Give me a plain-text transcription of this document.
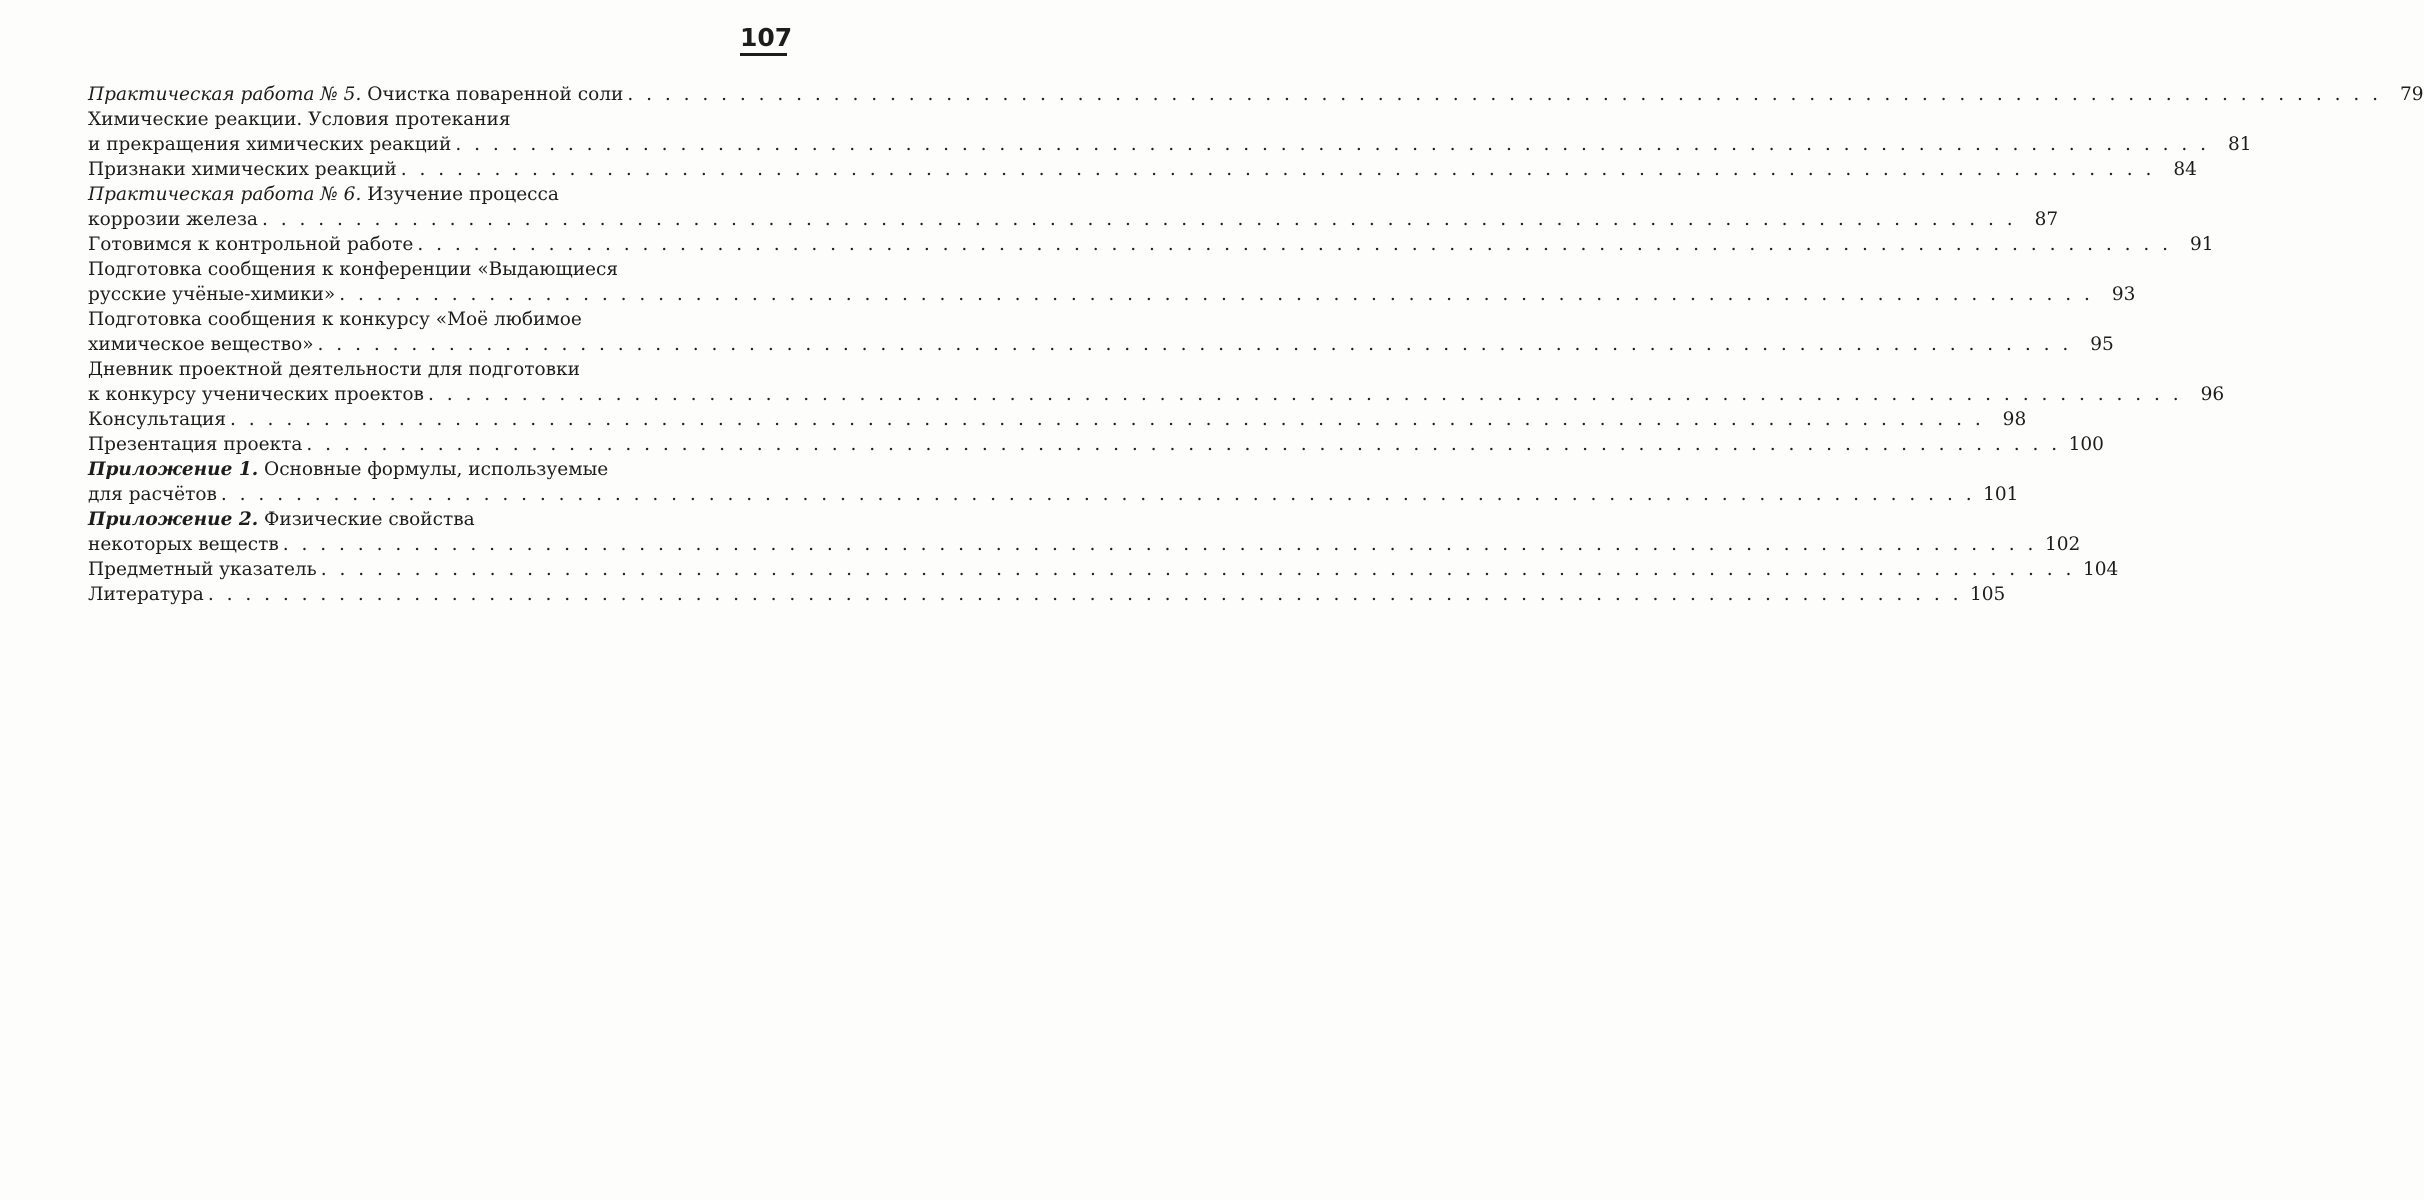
107
Практическая работа № 5. Очистка поваренной соли . . . . . . . . . . . . . . . . . . . . . . . . . . . . . . . . . . . . . . . . . . . . . . . . . . . . . . . . . . . . . . . . . . . . . . . . . . . . . . . . . . . . . . . . . . . . . . 79
Химические реакции. Условия протекания
и прекращения химических реакций . . . . . . . . . . . . . . . . . . . . . . . . . . . . . . . . . . . . . . . . . . . . . . . . . . . . . . . . . . . . . . . . . . . . . . . . . . . . . . . . . . . . . . . . . . . . . . 81
Признаки химических реакций . . . . . . . . . . . . . . . . . . . . . . . . . . . . . . . . . . . . . . . . . . . . . . . . . . . . . . . . . . . . . . . . . . . . . . . . . . . . . . . . . . . . . . . . . . . . . . 84
Практическая работа № 6. Изучение процесса
коррозии железа . . . . . . . . . . . . . . . . . . . . . . . . . . . . . . . . . . . . . . . . . . . . . . . . . . . . . . . . . . . . . . . . . . . . . . . . . . . . . . . . . . . . . . . . . . . . . . 87
Готовимся к контрольной работе . . . . . . . . . . . . . . . . . . . . . . . . . . . . . . . . . . . . . . . . . . . . . . . . . . . . . . . . . . . . . . . . . . . . . . . . . . . . . . . . . . . . . . . . . . . . . . 91
Подготовка сообщения к конференции «Выдающиеся
русские учёные-химики» . . . . . . . . . . . . . . . . . . . . . . . . . . . . . . . . . . . . . . . . . . . . . . . . . . . . . . . . . . . . . . . . . . . . . . . . . . . . . . . . . . . . . . . . . . . . . . 93
Подготовка сообщения к конкурсу «Моё любимое
химическое вещество» . . . . . . . . . . . . . . . . . . . . . . . . . . . . . . . . . . . . . . . . . . . . . . . . . . . . . . . . . . . . . . . . . . . . . . . . . . . . . . . . . . . . . . . . . . . . . . 95
Дневник проектной деятельности для подготовки
к конкурсу ученических проектов . . . . . . . . . . . . . . . . . . . . . . . . . . . . . . . . . . . . . . . . . . . . . . . . . . . . . . . . . . . . . . . . . . . . . . . . . . . . . . . . . . . . . . . . . . . . . . 96
Консультация . . . . . . . . . . . . . . . . . . . . . . . . . . . . . . . . . . . . . . . . . . . . . . . . . . . . . . . . . . . . . . . . . . . . . . . . . . . . . . . . . . . . . . . . . . . . . . 98
Презентация проекта . . . . . . . . . . . . . . . . . . . . . . . . . . . . . . . . . . . . . . . . . . . . . . . . . . . . . . . . . . . . . . . . . . . . . . . . . . . . . . . . . . . . . . . . . . . . . . 100
Приложение 1. Основные формулы, используемые
для расчётов . . . . . . . . . . . . . . . . . . . . . . . . . . . . . . . . . . . . . . . . . . . . . . . . . . . . . . . . . . . . . . . . . . . . . . . . . . . . . . . . . . . . . . . . . . . . . . 101
Приложение 2. Физические свойства
некоторых веществ . . . . . . . . . . . . . . . . . . . . . . . . . . . . . . . . . . . . . . . . . . . . . . . . . . . . . . . . . . . . . . . . . . . . . . . . . . . . . . . . . . . . . . . . . . . . . . 102
Предметный указатель . . . . . . . . . . . . . . . . . . . . . . . . . . . . . . . . . . . . . . . . . . . . . . . . . . . . . . . . . . . . . . . . . . . . . . . . . . . . . . . . . . . . . . . . . . . . . . 104
Литература . . . . . . . . . . . . . . . . . . . . . . . . . . . . . . . . . . . . . . . . . . . . . . . . . . . . . . . . . . . . . . . . . . . . . . . . . . . . . . . . . . . . . . . . . . . . . . 105
